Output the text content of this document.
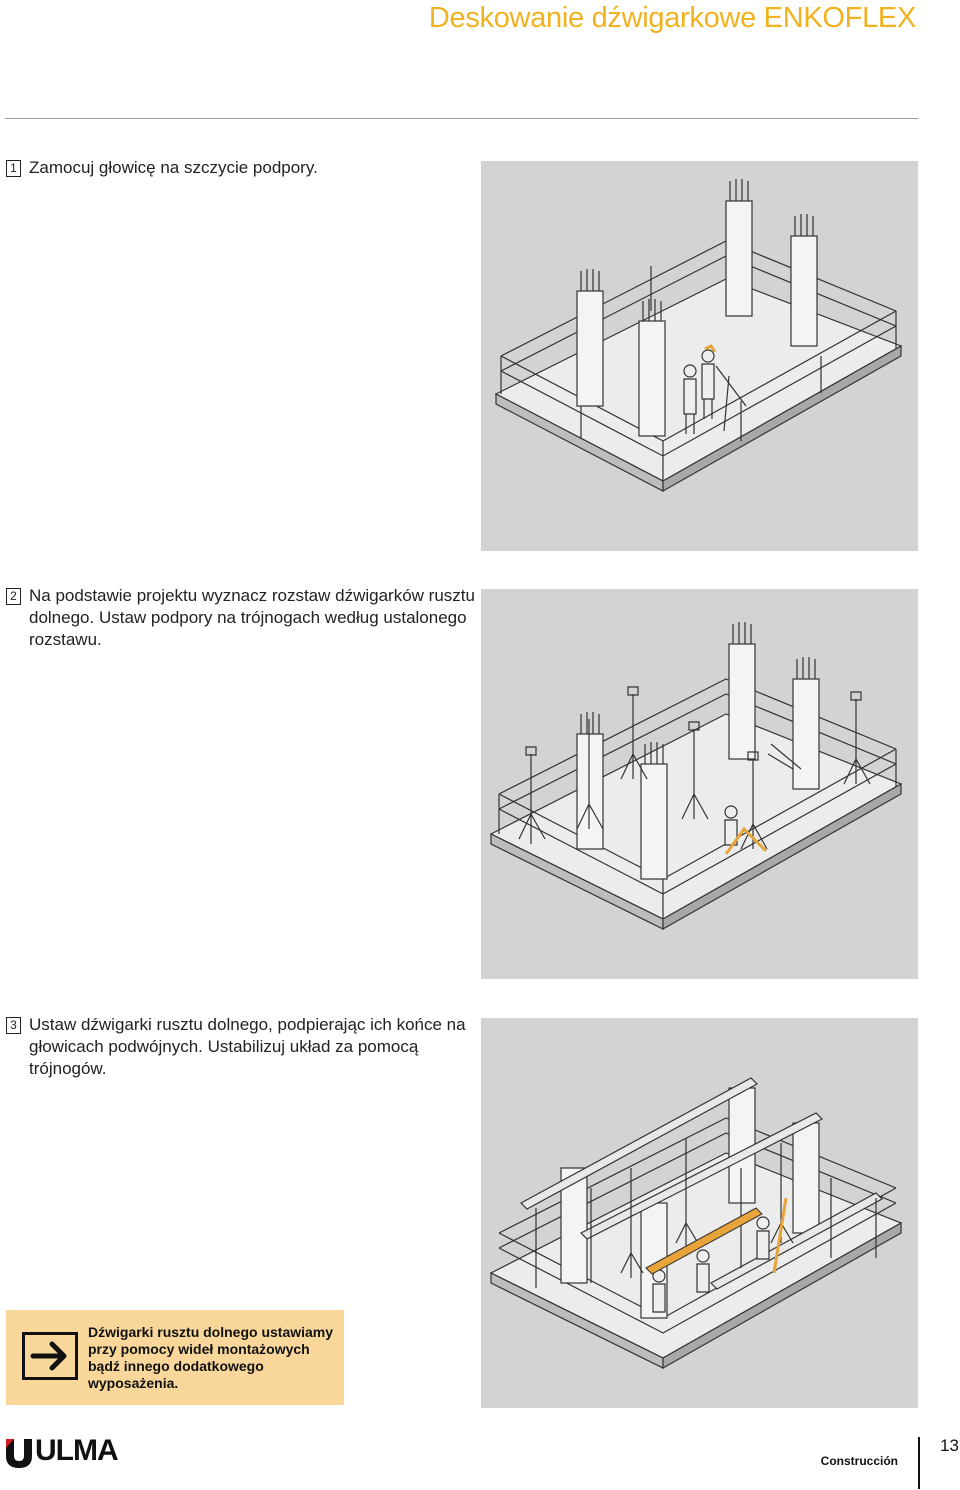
Deskowanie dźwigarkowe ENKOFLEX
1 Zamocuj głowicę na szczycie podpory.
2 Na podstawie projektu wyznacz rozstaw dźwigarków rusztu dolnego. Ustaw podpory na trójnogach według ustalonego rozstawu.
3 Ustaw dźwigarki rusztu dolnego, podpierając ich końce na głowicach podwójnych. Ustabilizuj układ za pomocą trójnogów.
Dźwigarki rusztu dolnego ustawiamy przy pomocy wideł montażowych bądź innego dodatkowego wyposażenia.
ULMA	Construcción
13
